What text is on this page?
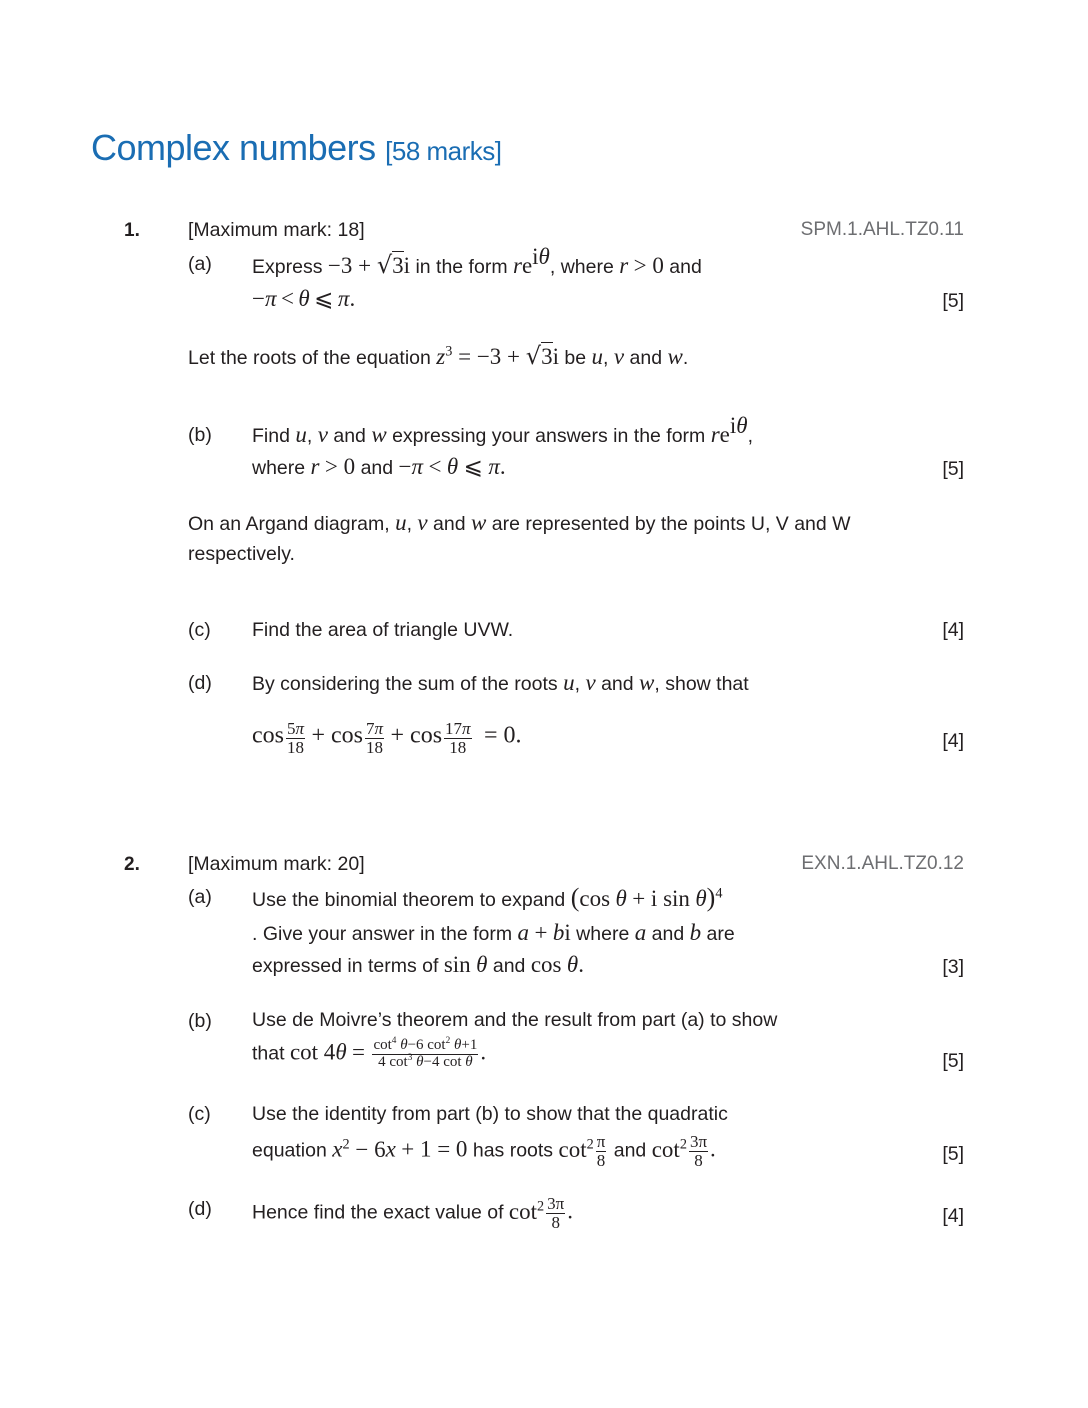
Complex numbers [58 marks]
1. [Maximum mark: 18]	SPM.1.AHL.TZ0.11
(a) Express −3 + √3i in the form $re^{i\theta}$, where r > 0 and
−π < θ ⩽ π.	[5]
Let the roots of the equation $z^3 = -3 + √3i$ be u, v and w.
(b) Find u, v and w expressing your answers in the form $re^{i\theta}$,
where r > 0 and −π < θ ⩽ π.	[5]
On an Argand diagram, u, v and w are represented by the points U, V and W
respectively.
(c) Find the area of triangle UVW.	[4]
(d) By considering the sum of the roots u, v and w, show that
$\cos \frac{5\pi}{18} + \cos \frac{7\pi}{18} + \cos \frac{17\pi}{18} = 0$.	[4]
2. [Maximum mark: 20]	EXN.1.AHL.TZ0.12
(a) Use the binomial theorem to expand (cos θ + i sin θ)$^4$
. Give your answer in the form a + bi where a and b are
expressed in terms of sin θ and cos θ.	[3]
(b) Use de Moivre’s theorem and the result from part (a) to show
that $\cot 4\theta = \frac{\cot^4 \theta-6 \cot^2 \theta+1}{4 \cot^3 \theta-4 \cot \theta}$ .	[5]
(c) Use the identity from part (b) to show that the quadratic
equation $x^2 - 6x + 1 = 0$ has roots $\cot^2 \frac{\pi}{8}$ and $\cot^2 \frac{3\pi}{8}$ .	[5]
(d) Hence find the exact value of $\cot^2 \frac{3\pi}{8}$ .	[4]
